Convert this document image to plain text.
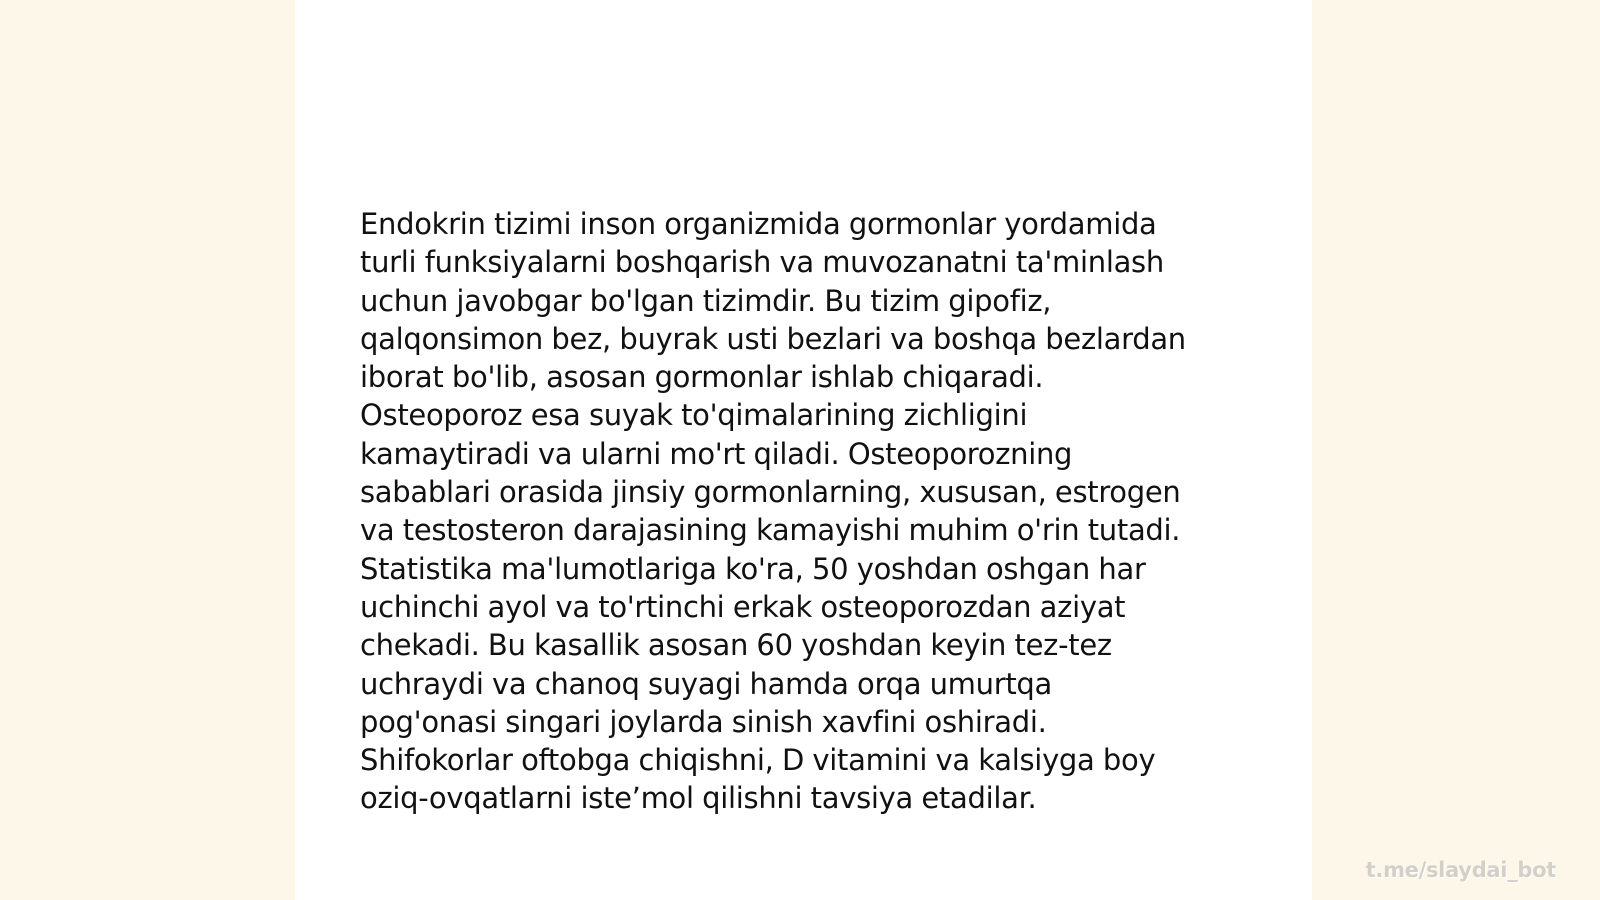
Endokrin tizimi inson organizmida gormonlar yordamida
turli funksiyalarni boshqarish va muvozanatni ta'minlash
uchun javobgar bo'lgan tizimdir. Bu tizim gipofiz,
qalqonsimon bez, buyrak usti bezlari va boshqa bezlardan
iborat bo'lib, asosan gormonlar ishlab chiqaradi.
Osteoporoz esa suyak to'qimalarining zichligini
kamaytiradi va ularni mo'rt qiladi. Osteoporozning
sabablari orasida jinsiy gormonlarning, xususan, estrogen
va testosteron darajasining kamayishi muhim o'rin tutadi.
Statistika ma'lumotlariga ko'ra, 50 yoshdan oshgan har
uchinchi ayol va to'rtinchi erkak osteoporozdan aziyat
chekadi. Bu kasallik asosan 60 yoshdan keyin tez-tez
uchraydi va chanoq suyagi hamda orqa umurtqa
pog'onasi singari joylarda sinish xavfini oshiradi.
Shifokorlar oftobga chiqishni, D vitamini va kalsiyga boy
oziq-ovqatlarni iste’mol qilishni tavsiya etadilar.

t.me/slaydai_bot
